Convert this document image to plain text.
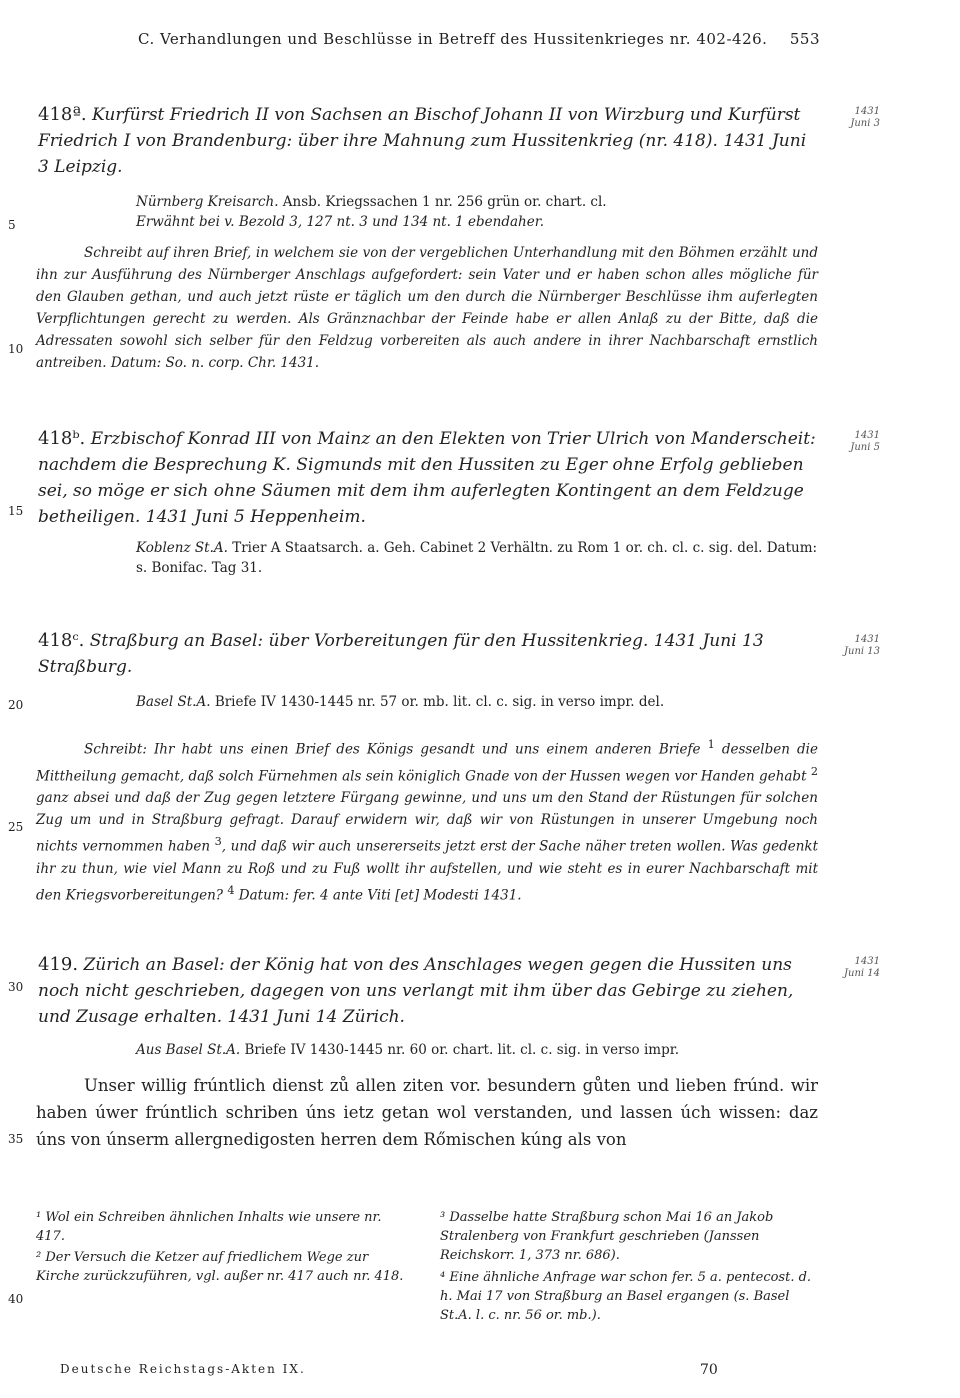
C. Verhandlungen und Beschlüsse in Betreff des Hussitenkrieges nr. 402-426. 553
5
10
15
20
25
30
35
40
418ª. Kurfürst Friedrich II von Sachsen an Bischof Johann II von Wirzburg und Kurfürst Friedrich I von Brandenburg: über ihre Mahnung zum Hussitenkrieg (nr. 418). 1431 Juni 3 Leipzig.
1431
Juni 3
Nürnberg Kreisarch. Ansb. Kriegssachen 1 nr. 256 grün or. chart. cl.
Erwähnt bei v. Bezold 3, 127 nt. 3 und 134 nt. 1 ebendaher.

Schreibt auf ihren Brief, in welchem sie von der vergeblichen Unterhandlung mit den Böhmen erzählt und ihn zur Ausführung des Nürnberger Anschlags aufgefordert: sein Vater und er haben schon alles mögliche für den Glauben gethan, und auch jetzt rüste er täglich um den durch die Nürnberger Beschlüsse ihm auferlegten Verpflichtungen gerecht zu werden. Als Gränznachbar der Feinde habe er allen Anlaß zu der Bitte, daß die Adressaten sowohl sich selber für den Feldzug vorbereiten als auch andere in ihrer Nachbarschaft ernstlich antreiben. Datum: So. n. corp. Chr. 1431.

418ᵇ. Erzbischof Konrad III von Mainz an den Elekten von Trier Ulrich von Manderscheit: nachdem die Besprechung K. Sigmunds mit den Hussiten zu Eger ohne Erfolg geblieben sei, so möge er sich ohne Säumen mit dem ihm auferlegten Kontingent an dem Feldzuge betheiligen. 1431 Juni 5 Heppenheim.
1431
Juni 5
Koblenz St.A. Trier A Staatsarch. a. Geh. Cabinet 2 Verhältn. zu Rom 1 or. ch. cl. c. sig. del. Datum: s. Bonifac. Tag 31.
418ᶜ. Straßburg an Basel: über Vorbereitungen für den Hussitenkrieg. 1431 Juni 13 Straßburg.
1431
Juni 13
Basel St.A. Briefe IV 1430-1445 nr. 57 or. mb. lit. cl. c. sig. in verso impr. del.

Schreibt: Ihr habt uns einen Brief des Königs gesandt und uns einem anderen Briefe $^1$ desselben die Mittheilung gemacht, daß solch Fürnehmen als sein königlich Gnade von der Hussen wegen vor Handen gehabt $^2$ ganz absei und daß der Zug gegen letztere Fürgang gewinne, und uns um den Stand der Rüstungen für solchen Zug um und in Straßburg gefragt. Darauf erwidern wir, daß wir von Rüstungen in unserer Umgebung noch nichts vernommen haben $^3$, und daß wir auch unsererseits jetzt erst der Sache näher treten wollen. Was gedenkt ihr zu thun, wie viel Mann zu Roß und zu Fuß wollt ihr aufstellen, und wie steht es in eurer Nachbarschaft mit den Kriegsvorbereitungen? $^4$ Datum: fer. 4 ante Viti [et] Modesti 1431.

419. Zürich an Basel: der König hat von des Anschlages wegen gegen die Hussiten uns noch nicht geschrieben, dagegen von uns verlangt mit ihm über das Gebirge zu ziehen, und Zusage erhalten. 1431 Juni 14 Zürich.
1431
Juni 14
Aus Basel St.A. Briefe IV 1430-1445 nr. 60 or. chart. lit. cl. c. sig. in verso impr.

Unser willig frúntlich dienst zů allen ziten vor. besundern gůten und lieben frúnd. wir haben úwer frúntlich schriben úns ietz getan wol verstanden, und lassen úch wissen: daz úns von únserm allergnedigosten herren dem Rőmischen kúng als von

¹ Wol ein Schreiben ähnlichen Inhalts wie unsere nr. 417.

² Der Versuch die Ketzer auf friedlichem Wege zur Kirche zurückzuführen, vgl. außer nr. 417 auch nr. 418.

³ Dasselbe hatte Straßburg schon Mai 16 an Jakob Stralenberg von Frankfurt geschrieben (Janssen Reichskorr. 1, 373 nr. 686).

⁴ Eine ähnliche Anfrage war schon fer. 5 a. pentecost. d. h. Mai 17 von Straßburg an Basel ergangen (s. Basel St.A. l. c. nr. 56 or. mb.).

Deutsche Reichstags-Akten IX.	70
